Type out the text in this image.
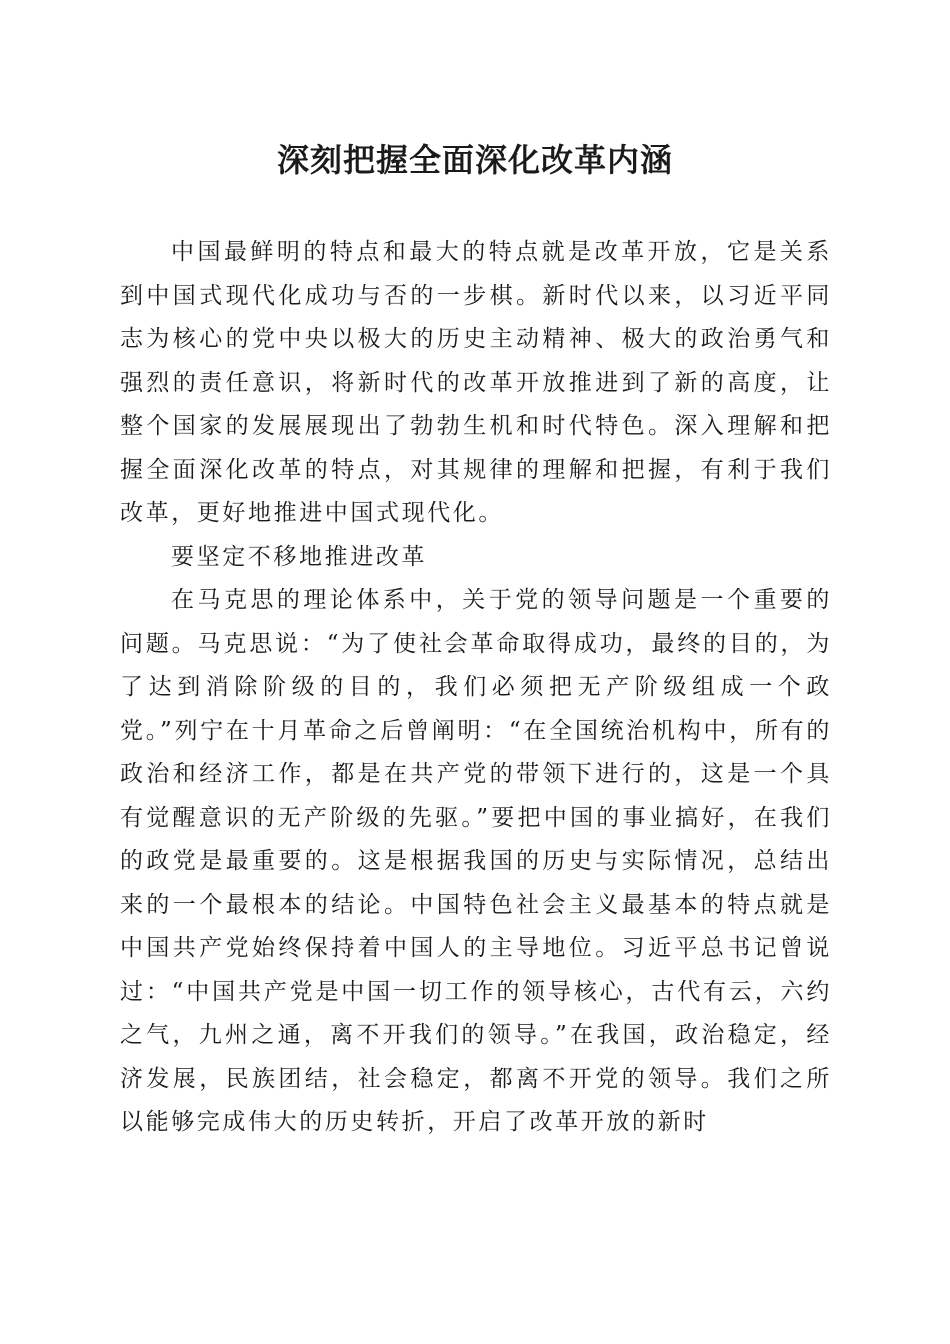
深刻把握全面深化改革内涵

中国最鲜明的特点和最大的特点就是改革开放，它是关系到中国式现代化成功与否的一步棋。新时代以来，以习近平同志为核心的党中央以极大的历史主动精神、极大的政治勇气和强烈的责任意识，将新时代的改革开放推进到了新的高度，让整个国家的发展展现出了勃勃生机和时代特色。深入理解和把握全面深化改革的特点，对其规律的理解和把握，有利于我们改革，更好地推进中国式现代化。

要坚定不移地推进改革

在马克思的理论体系中，关于党的领导问题是一个重要的问题。马克思说：“为了使社会革命取得成功，最终的目的，为了达到消除阶级的目的，我们必须把无产阶级组成一个政党。”列宁在十月革命之后曾阐明：“在全国统治机构中，所有的政治和经济工作，都是在共产党的带领下进行的，这是一个具有觉醒意识的无产阶级的先驱。”要把中国的事业搞好，在我们的政党是最重要的。这是根据我国的历史与实际情况，总结出来的一个最根本的结论。中国特色社会主义最基本的特点就是中国共产党始终保持着中国人的主导地位。习近平总书记曾说过：“中国共产党是中国一切工作的领导核心，古代有云，六约之气，九州之通，离不开我们的领导。”在我国，政治稳定，经济发展，民族团结，社会稳定，都离不开党的领导。我们之所以能够完成伟大的历史转折，开启了改革开放的新时
